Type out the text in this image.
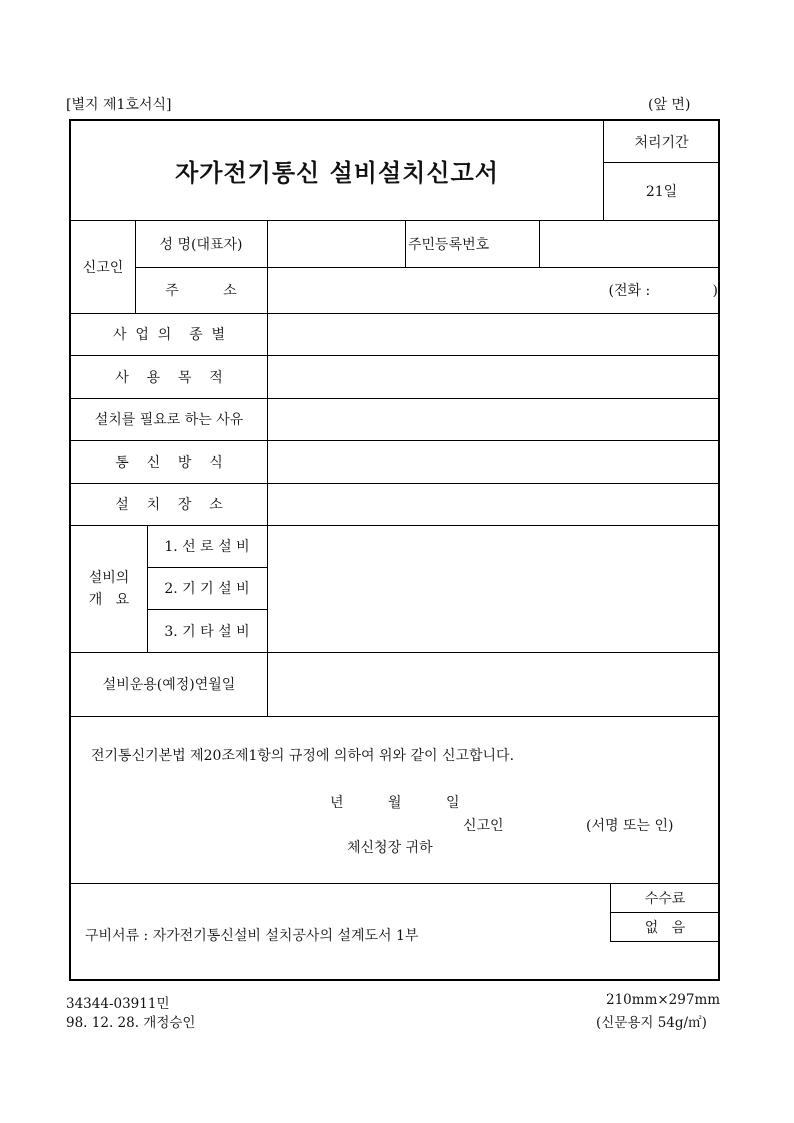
[별지 제1호서식]	(앞 면)
자가전기통신 설비설치신고서
처리기간
21일
신고인
성 명(대표자)	주민등록번호
주          소	(전화 :              )
사  업  의    종  별
사    용    목    적
설치를 필요로 하는 사유
통    신    방    식
설    치    장    소
설비의
개   요
1. 선 로 설 비
2. 기 기 설 비
3. 기 타 설 비
설비운용(예정)연월일
전기통신기본법 제20조제1항의 규정에 의하여 위와 같이 신고합니다.
년          월          일
신고인	(서명 또는 인)
체신청장 귀하
구비서류 : 자가전기통신설비 설치공사의 설계도서 1부
수수료
없   음
34344-03911민
98. 12. 28. 개정승인
210mm×297mm
(신문용지 54g/㎡)
